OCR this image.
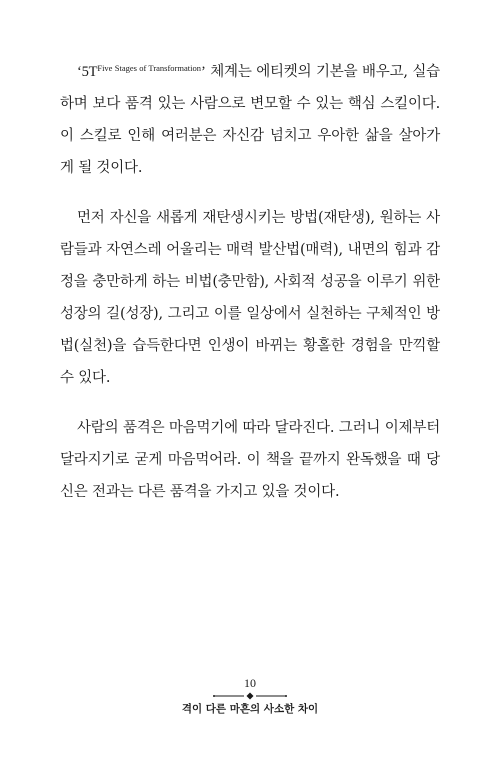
‘$5T^{Five Stages of Transformation}$’ 체계는 에티켓의 기본을 배우고, 실습하며 보다 품격 있는 사람으로 변모할 수 있는 핵심 스킬이다. 이 스킬로 인해 여러분은 자신감 넘치고 우아한 삶을 살아가게 될 것이다.

먼저 자신을 새롭게 재탄생시키는 방법(재탄생), 원하는 사람들과 자연스레 어울리는 매력 발산법(매력), 내면의 힘과 감정을 충만하게 하는 비법(충만함), 사회적 성공을 이루기 위한 성장의 길(성장), 그리고 이를 일상에서 실천하는 구체적인 방법(실천)을 습득한다면 인생이 바뀌는 황홀한 경험을 만끽할 수 있다.

사람의 품격은 마음먹기에 따라 달라진다. 그러니 이제부터 달라지기로 굳게 마음먹어라. 이 책을 끝까지 완독했을 때 당신은 전과는 다른 품격을 가지고 있을 것이다.

10
격이 다른 마흔의 사소한 차이
